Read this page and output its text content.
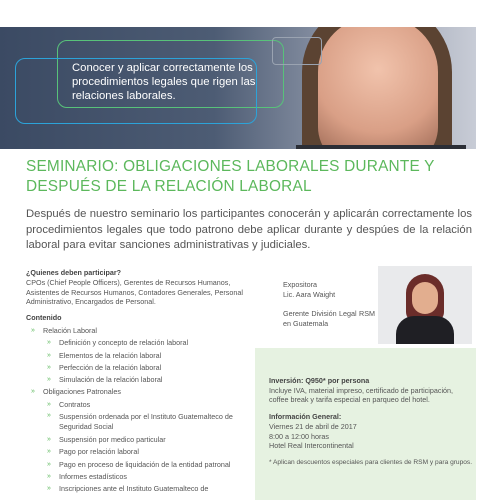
Conocer y aplicar correctamente los procedimientos legales que rigen las relaciones laborales.
SEMINARIO: OBLIGACIONES LABORALES DURANTE Y
DESPUÉS DE LA RELACIÓN LABORAL
Después de nuestro seminario los participantes conocerán y aplicarán correctamente los procedimientos legales que todo patrono debe aplicar durante y despúes de la relación laboral para evitar sanciones administrativas y judiciales.
¿Quienes deben participar?
CPOs (Chief People Officers), Gerentes de Recursos Humanos, Asistentes de Recursos Humanos, Contadores Generales, Personal Administrativo, Encargados de Personal.
Contenido
» Relación Laboral
» Definición y concepto de relación laboral
» Elementos de la relación laboral
» Perfección de la relación laboral
» Simulación de la relación laboral
» Obligaciones Patronales
» Contratos
» Suspensión ordenada por el Instituto Guatemalteco de Seguridad Social
» Suspensión por medico particular
» Pago por relación laboral
» Pago en proceso de liquidación de la entidad patronal
» Informes estadísticos
» Inscripciones ante el Instituto Guatemalteco de
Expositora
Lic. Aara Waight
Gerente División Legal RSM en Guatemala
Inversión: Q950* por persona
Incluye IVA, material impreso, certificado de participación, coffee break y tarifa especial en parqueo del hotel.
Información General:
Viernes 21 de abril de 2017
8:00 a 12:00 horas
Hotel Real Intercontinental
* Aplican descuentos especiales para clientes de RSM y para grupos.
